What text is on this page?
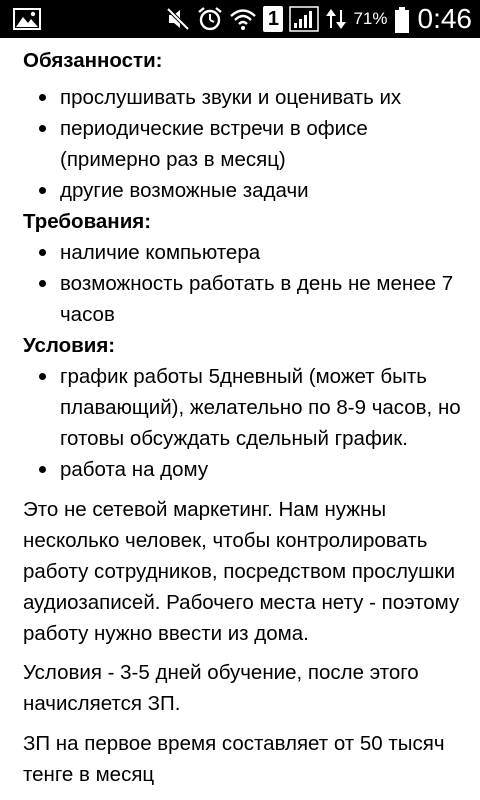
1	71% 0:46
Обязанности:
прослушивать звуки и оценивать их
периодические встречи в офисе (примерно раз в месяц)
другие возможные задачи
Требования:
наличие компьютера
возможность работать в день не менее 7 часов
Условия:
график работы 5дневный (может быть плавающий), желательно по 8-9 часов, но готовы обсуждать сдельный график.
работа на дому

Это не сетевой маркетинг. Нам нужны несколько человек, чтобы контролировать работу сотрудников, посредством прослушки аудиозаписей. Рабочего места нету - поэтому работу нужно ввести из дома.

Условия - 3-5 дней обучение, после этого начисляется ЗП.

ЗП на первое время составляет от 50 тысяч тенге в месяц
